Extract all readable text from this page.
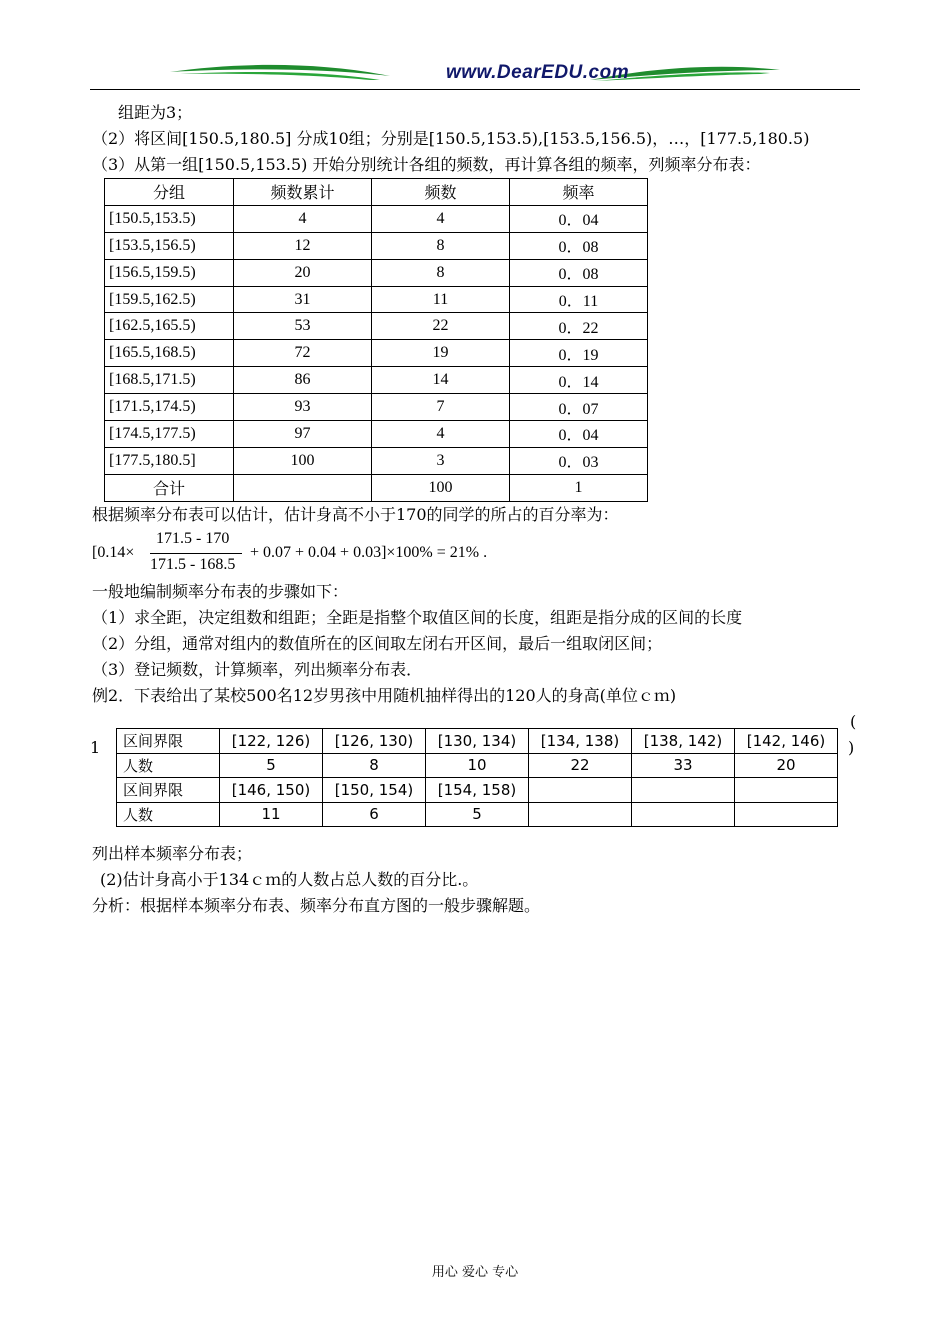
www.DearEDU.com
组距为3；
（2）将区间[150.5,180.5] 分成10组；分别是[150.5,153.5),[153.5,156.5)，…，[177.5,180.5)
（3）从第一组[150.5,153.5) 开始分别统计各组的频数，再计算各组的频率，列频率分布表：
分组	频数累计	频数	频率
[150.5,153.5)	4	4	0．04
[153.5,156.5)	12	8	0．08
[156.5,159.5)	20	8	0．08
[159.5,162.5)	31	11	0．11
[162.5,165.5)	53	22	0．22
[165.5,168.5)	72	19	0．19
[168.5,171.5)	86	14	0．14
[171.5,174.5)	93	7	0．07
[174.5,177.5)	97	4	0．04
[177.5,180.5]	100	3	0．03
合计		100	1
根据频率分布表可以估计，估计身高不小于170的同学的所占的百分率为：
[0.14×
171.5 - 170
171.5 - 168.5
+ 0.07 + 0.04 + 0.03]×100% = 21% .
一般地编制频率分布表的步骤如下：
（1）求全距，决定组数和组距；全距是指整个取值区间的长度，组距是指分成的区间的长度
（2）分组，通常对组内的数值所在的区间取左闭右开区间，最后一组取闭区间；
（3）登记频数，计算频率，列出频率分布表．
例2．下表给出了某校500名12岁男孩中用随机抽样得出的120人的身高(单位ｃｍ)
1
(
)
区间界限	[122, 126)	[126, 130)	[130, 134)	[134, 138)	[138, 142)	[142, 146)
人数	5	8	10	22	33	20
区间界限	[146, 150)	[150, 154)	[154, 158)			
人数	11	6	5			
列出样本频率分布表；
(2)估计身高小于134ｃｍ的人数占总人数的百分比.。
分析：根据样本频率分布表、频率分布直方图的一般步骤解题。
用心 爱心 专心
